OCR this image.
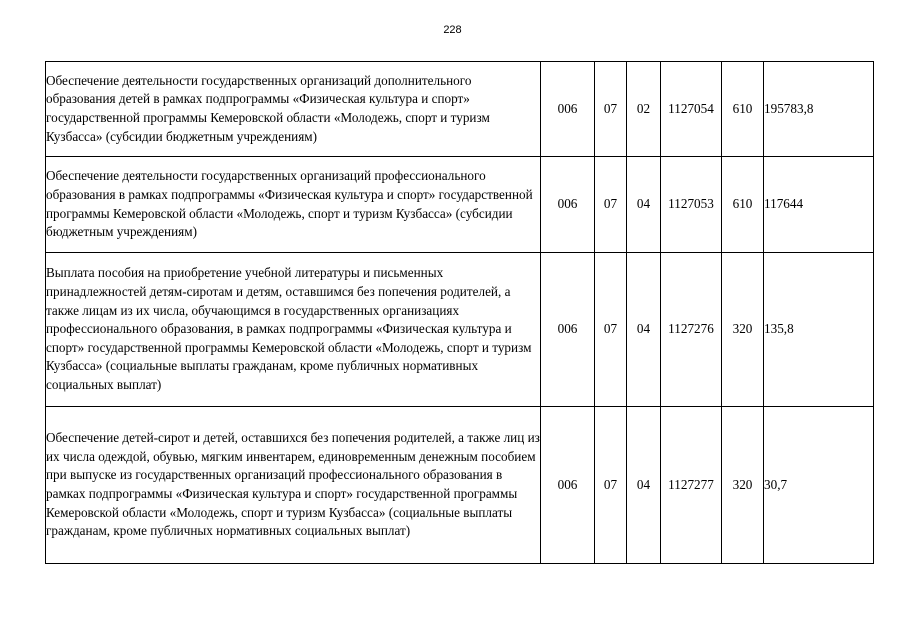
228
Обеспечение деятельности государственных организаций дополнительного образования детей в рамках подпрограммы «Физическая культура и спорт» государственной программы Кемеровской области «Молодежь, спорт и туризм Кузбасса» (субсидии бюджетным учреждениям)	006	07	02	1127054	610	195783,8
Обеспечение деятельности государственных организаций профессионального образования в рамках подпрограммы «Физическая культура и спорт» государственной программы Кемеровской области «Молодежь, спорт и туризм Кузбасса» (субсидии бюджетным учреждениям)	006	07	04	1127053	610	117644
Выплата пособия на приобретение учебной литературы и письменных принадлежностей детям-сиротам и детям, оставшимся без попечения родителей, а также лицам из их числа, обучающимся в государственных организациях профессионального образования, в рамках подпрограммы «Физическая культура и спорт» государственной программы Кемеровской области «Молодежь, спорт и туризм Кузбасса» (социальные выплаты гражданам, кроме публичных нормативных социальных выплат)	006	07	04	1127276	320	135,8
Обеспечение детей-сирот и детей, оставшихся без попечения родителей, а также лиц из их числа одеждой, обувью, мягким инвентарем, единовременным денежным пособием при выпуске из государственных организаций профессионального образования в рамках подпрограммы «Физическая культура и спорт» государственной программы Кемеровской области «Молодежь, спорт и туризм Кузбасса» (социальные выплаты гражданам, кроме публичных нормативных социальных выплат)	006	07	04	1127277	320	30,7
